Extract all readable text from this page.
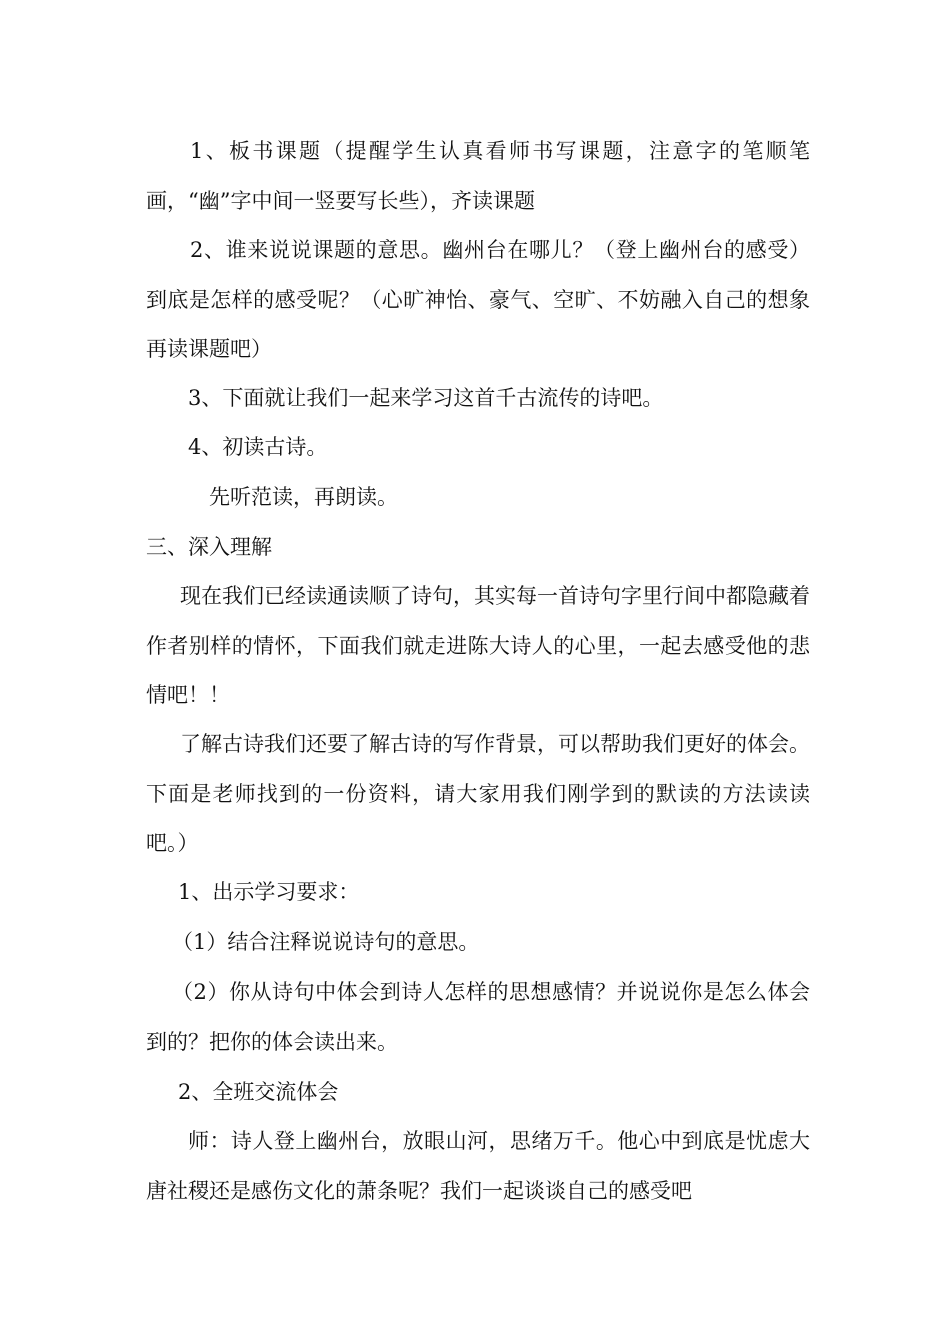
1、板书课题（提醒学生认真看师书写课题，注意字的笔顺笔画，“幽”字中间一竖要写长些），齐读课题

2、谁来说说课题的意思。幽州台在哪儿？（登上幽州台的感受）到底是怎样的感受呢？（心旷神怡、豪气、空旷、不妨融入自己的想象再读课题吧）

3、下面就让我们一起来学习这首千古流传的诗吧。

4、初读古诗。

先听范读，再朗读。

三、深入理解

现在我们已经读通读顺了诗句，其实每一首诗句字里行间中都隐藏着作者别样的情怀，下面我们就走进陈大诗人的心里，一起去感受他的悲情吧！！

了解古诗我们还要了解古诗的写作背景，可以帮助我们更好的体会。下面是老师找到的一份资料，请大家用我们刚学到的默读的方法读读吧。）

1、出示学习要求：

（1）结合注释说说诗句的意思。

（2）你从诗句中体会到诗人怎样的思想感情？并说说你是怎么体会到的？把你的体会读出来。

2、全班交流体会

师：诗人登上幽州台，放眼山河，思绪万千。他心中到底是忧虑大唐社稷还是感伤文化的萧条呢？我们一起谈谈自己的感受吧
